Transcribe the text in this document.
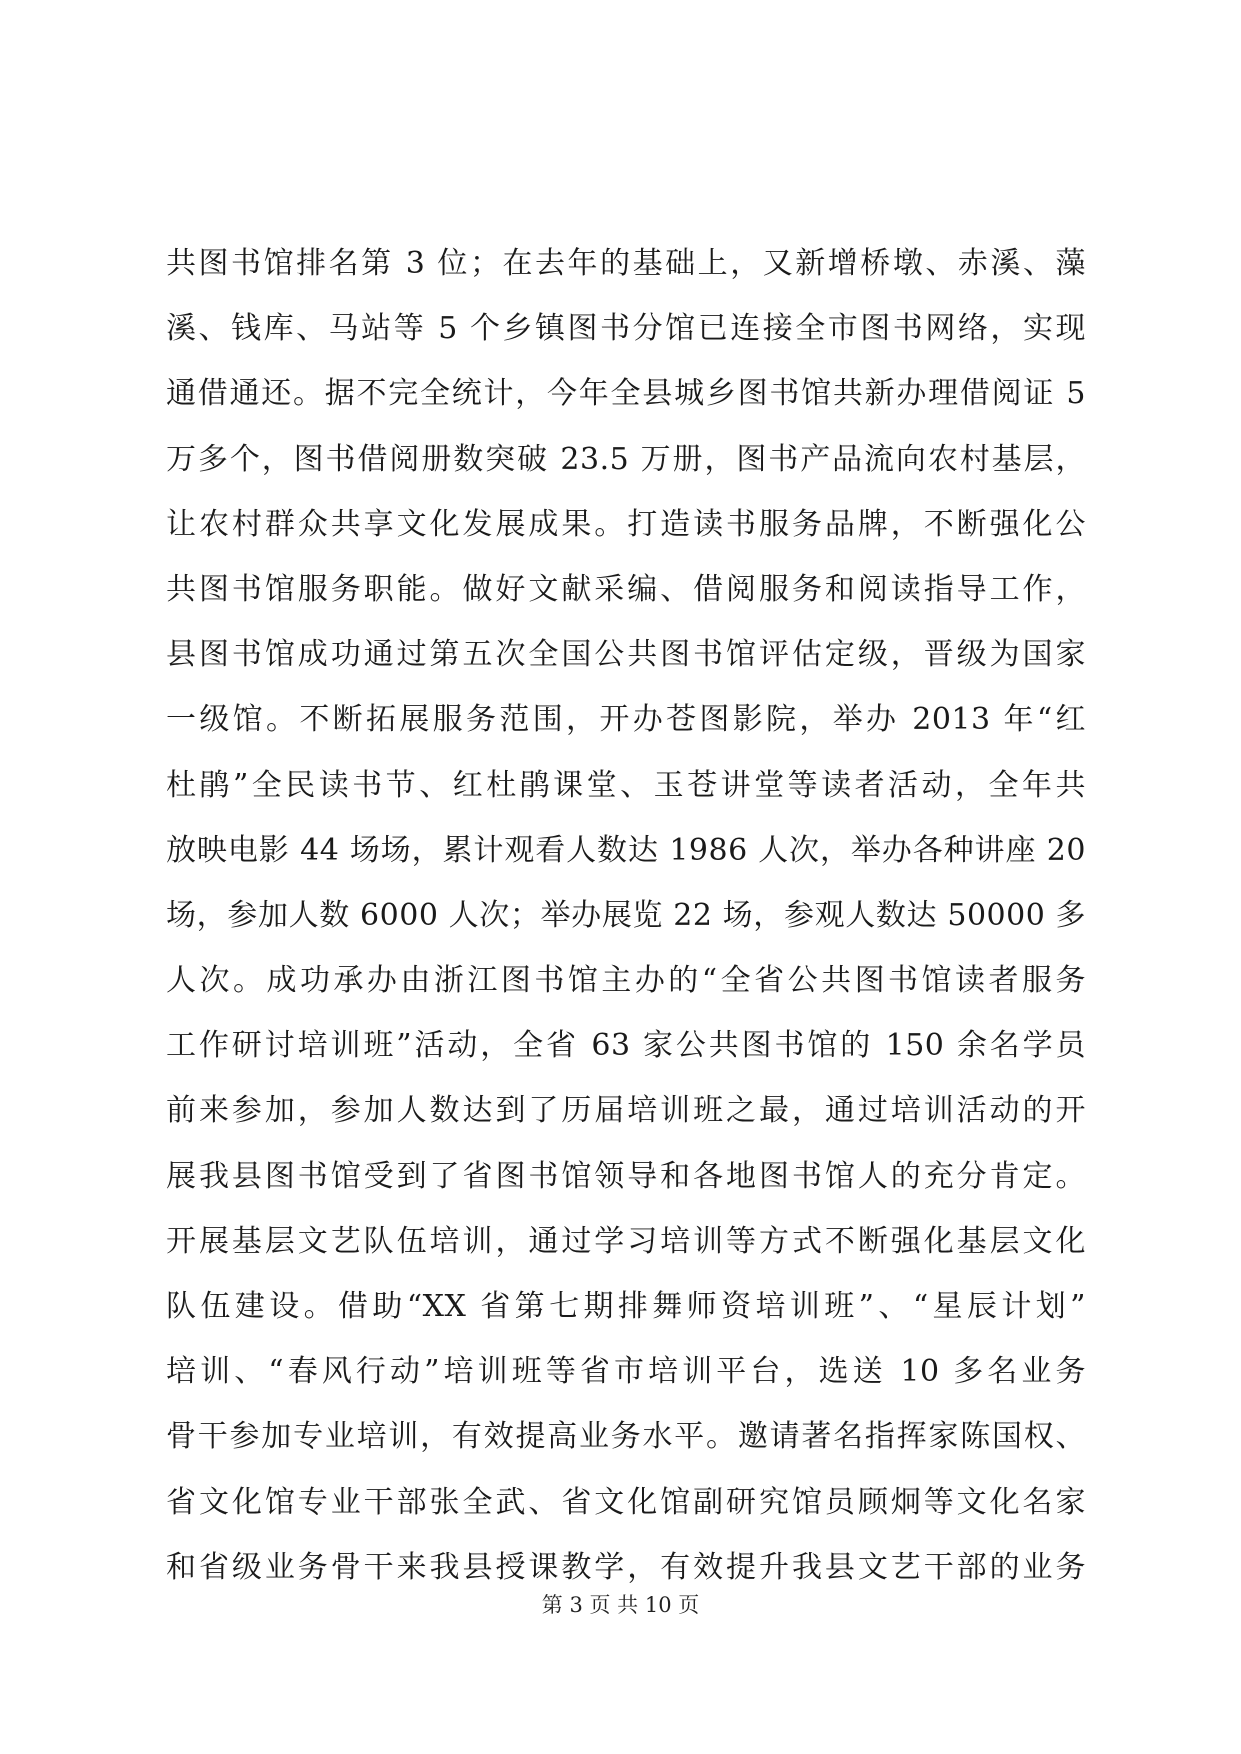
共图书馆排名第 3 位；在去年的基础上，又新增桥墩、赤溪、藻
溪、钱库、马站等 5 个乡镇图书分馆已连接全市图书网络，实现
通借通还。据不完全统计，今年全县城乡图书馆共新办理借阅证 5
万多个，图书借阅册数突破 23.5 万册，图书产品流向农村基层，
让农村群众共享文化发展成果。打造读书服务品牌，不断强化公
共图书馆服务职能。做好文献采编、借阅服务和阅读指导工作，
县图书馆成功通过第五次全国公共图书馆评估定级，晋级为国家
一级馆。不断拓展服务范围，开办苍图影院，举办 2013 年“红
杜鹃”全民读书节、红杜鹃课堂、玉苍讲堂等读者活动，全年共
放映电影 44 场场，累计观看人数达 1986 人次，举办各种讲座 20
场，参加人数 6000 人次；举办展览 22 场，参观人数达 50000 多
人次。成功承办由浙江图书馆主办的“全省公共图书馆读者服务
工作研讨培训班”活动，全省 63 家公共图书馆的 150 余名学员
前来参加，参加人数达到了历届培训班之最，通过培训活动的开
展我县图书馆受到了省图书馆领导和各地图书馆人的充分肯定。
开展基层文艺队伍培训，通过学习培训等方式不断强化基层文化
队伍建设。借助“XX 省第七期排舞师资培训班”、“星辰计划”
培训、“春风行动”培训班等省市培训平台，选送 10 多名业务
骨干参加专业培训，有效提高业务水平。邀请著名指挥家陈国权、
省文化馆专业干部张全武、省文化馆副研究馆员顾炯等文化名家
和省级业务骨干来我县授课教学，有效提升我县文艺干部的业务
第 3 页 共 10 页
